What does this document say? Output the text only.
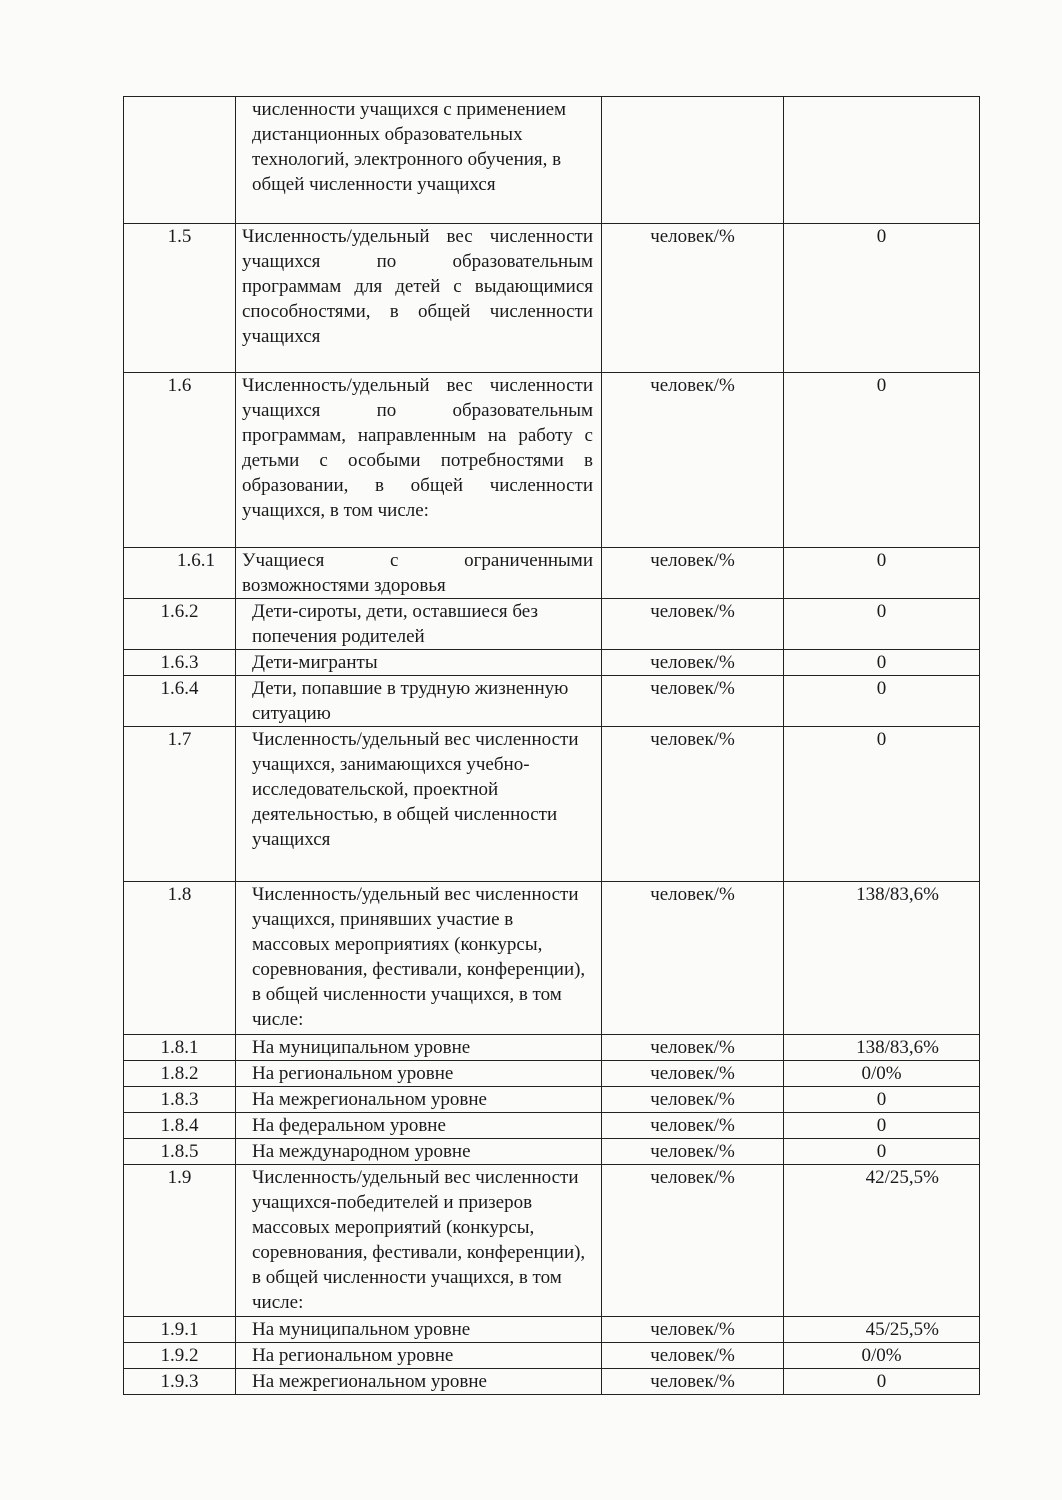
	численности учащихся с применением дистанционных образовательных технологий, электронного обучения, в общей численности учащихся		
1.5	Численность/удельный вес численности учащихся по образовательным программам для детей с выдающимися способностями, в общей численности учащихся	человек/%	0
1.6	Численность/удельный вес численности учащихся по образовательным программам, направленным на работу с детьми с особыми потребностями в образовании, в общей численности учащихся, в том числе:	человек/%	0
1.6.1	Учащиеся с ограниченными возможностями здоровья	человек/%	0
1.6.2	Дети-сироты, дети, оставшиеся без попечения родителей	человек/%	0
1.6.3	Дети-мигранты	человек/%	0
1.6.4	Дети, попавшие в трудную жизненную ситуацию	человек/%	0
1.7	Численность/удельный вес численности учащихся, занимающихся учебно-исследовательской, проектной деятельностью, в общей численности учащихся	человек/%	0
1.8	Численность/удельный вес численности учащихся, принявших участие в массовых мероприятиях (конкурсы, соревнования, фестивали, конференции), в общей численности учащихся, в том числе:	человек/%	138/83,6%
1.8.1	На муниципальном уровне	человек/%	138/83,6%
1.8.2	На региональном уровне	человек/%	0/0%
1.8.3	На межрегиональном уровне	человек/%	0
1.8.4	На федеральном уровне	человек/%	0
1.8.5	На международном уровне	человек/%	0
1.9	Численность/удельный вес численности учащихся-победителей и призеров массовых мероприятий (конкурсы, соревнования, фестивали, конференции), в общей численности учащихся, в том числе:	человек/%	42/25,5%
1.9.1	На муниципальном уровне	человек/%	45/25,5%
1.9.2	На региональном уровне	человек/%	0/0%
1.9.3	На межрегиональном уровне	человек/%	0
